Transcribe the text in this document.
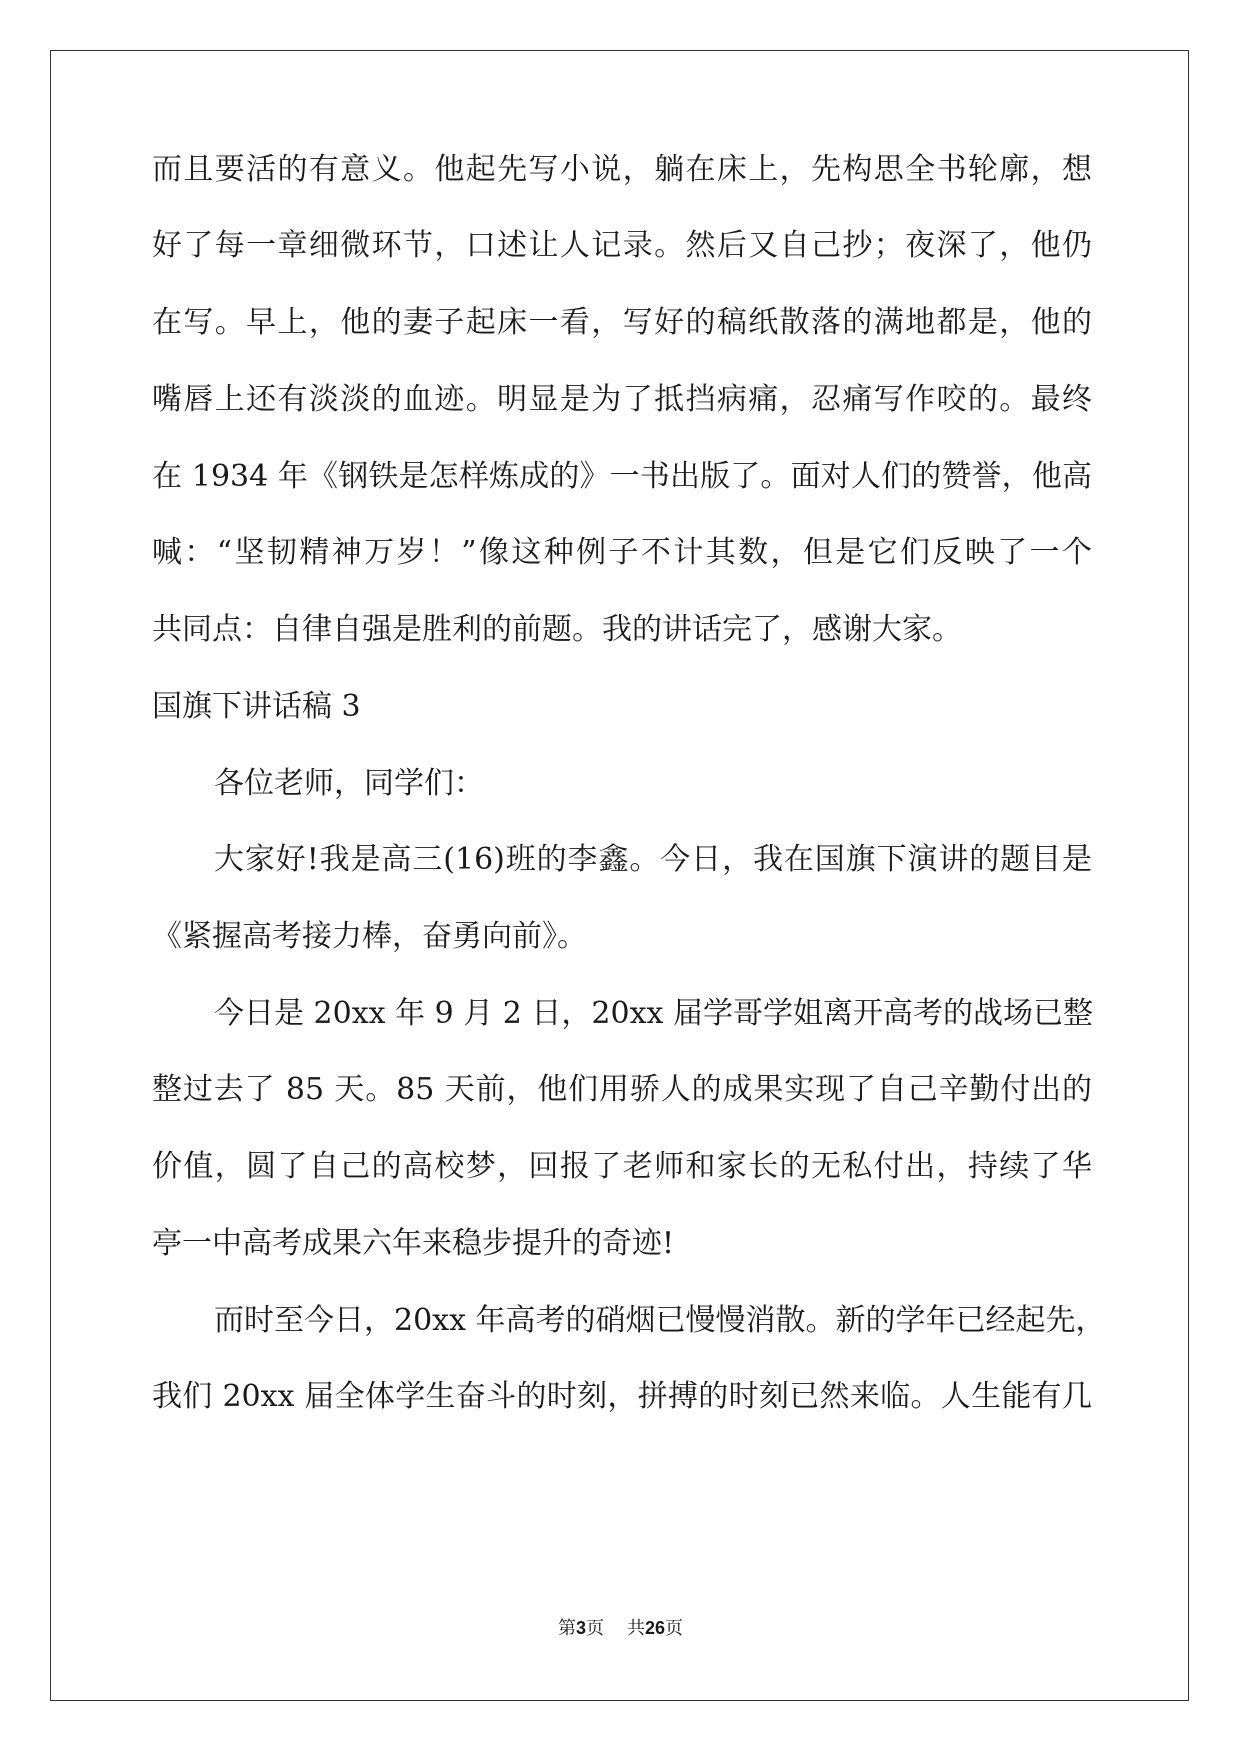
而且要活的有意义。他起先写小说，躺在床上，先构思全书轮廓，想
好了每一章细微环节，口述让人记录。然后又自己抄；夜深了，他仍
在写。早上，他的妻子起床一看，写好的稿纸散落的满地都是，他的
嘴唇上还有淡淡的血迹。明显是为了抵挡病痛，忍痛写作咬的。最终
在 1934 年《钢铁是怎样炼成的》一书出版了。面对人们的赞誉，他高
喊：“坚韧精神万岁！”像这种例子不计其数，但是它们反映了一个
共同点：自律自强是胜利的前题。我的讲话完了，感谢大家。
国旗下讲话稿 3
各位老师，同学们：
大家好!我是高三(16)班的李鑫。今日，我在国旗下演讲的题目是
《紧握高考接力棒，奋勇向前》。
今日是 20xx 年 9 月 2 日，20xx 届学哥学姐离开高考的战场已整
整过去了 85 天。85 天前，他们用骄人的成果实现了自己辛勤付出的
价值，圆了自己的高校梦，回报了老师和家长的无私付出，持续了华
亭一中高考成果六年来稳步提升的奇迹!
而时至今日，20xx 年高考的硝烟已慢慢消散。新的学年已经起先，
我们 20xx 届全体学生奋斗的时刻，拼搏的时刻已然来临。人生能有几
第3页 共26页
